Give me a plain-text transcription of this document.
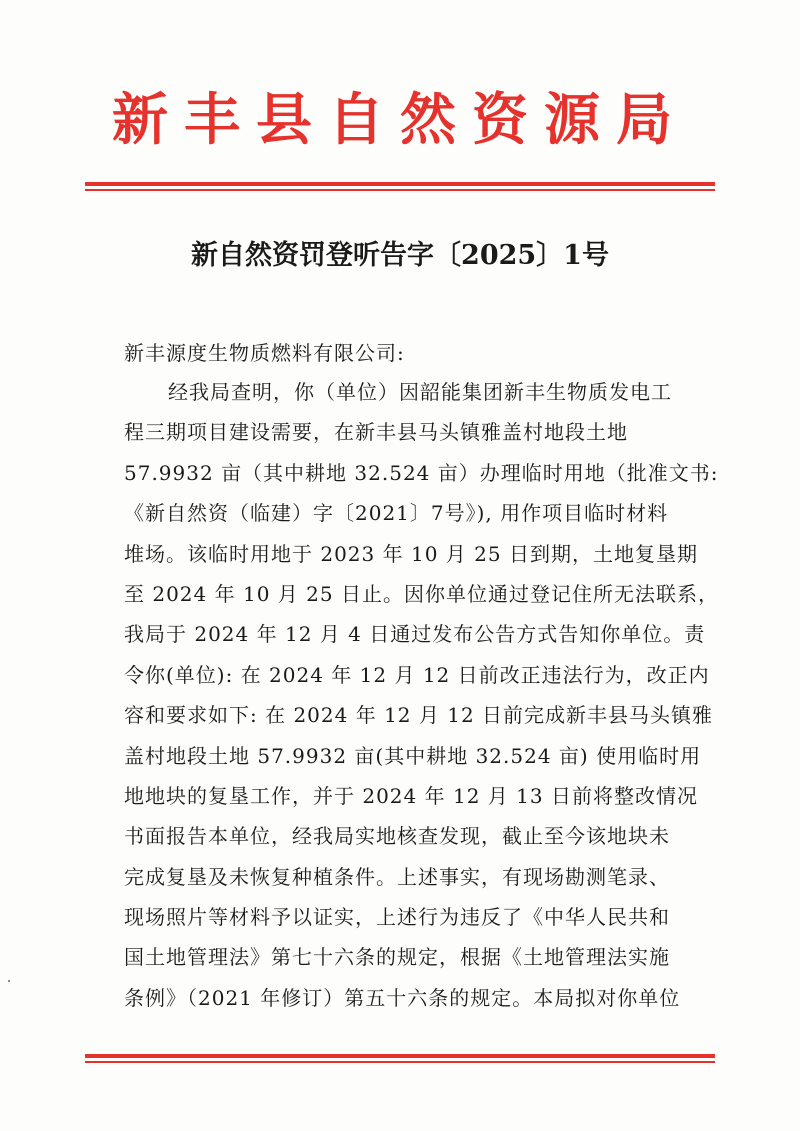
新丰县自然资源局
新自然资罚登听告字〔2025〕1号
新丰源度生物质燃料有限公司:
经我局查明，你（单位）因韶能集团新丰生物质发电工
程三期项目建设需要，在新丰县马头镇雅盖村地段土地
57.9932 亩（其中耕地 32.524 亩）办理临时用地（批准文书:
《新自然资（临建）字〔2021〕7号》), 用作项目临时材料
堆场。该临时用地于 2023 年 10 月 25 日到期，土地复垦期
至 2024 年 10 月 25 日止。因你单位通过登记住所无法联系，
我局于 2024 年 12 月 4 日通过发布公告方式告知你单位。责
令你(单位): 在 2024 年 12 月 12 日前改正违法行为，改正内
容和要求如下: 在 2024 年 12 月 12 日前完成新丰县马头镇雅
盖村地段土地 57.9932 亩(其中耕地 32.524 亩) 使用临时用
地地块的复垦工作，并于 2024 年 12 月 13 日前将整改情况
书面报告本单位，经我局实地核查发现，截止至今该地块未
完成复垦及未恢复种植条件。上述事实，有现场勘测笔录、
现场照片等材料予以证实，上述行为违反了《中华人民共和
国土地管理法》第七十六条的规定，根据《土地管理法实施
条例》（2021 年修订）第五十六条的规定。本局拟对你单位
